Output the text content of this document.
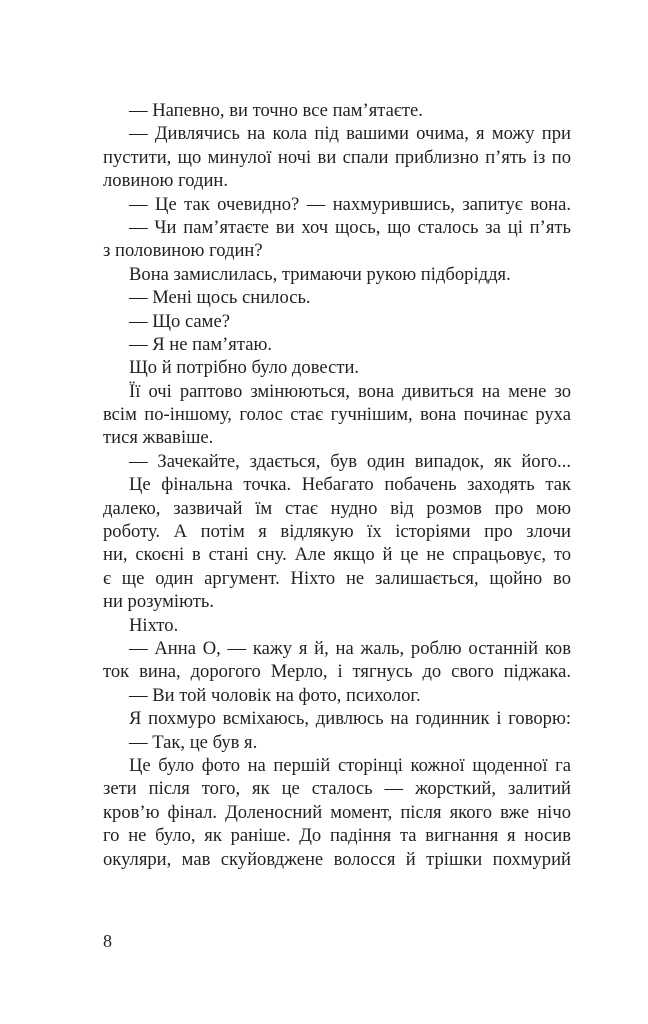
— Напевно, ви точно все пам’ятаєте.
— Дивлячись на кола під вашими очима, я можу при
пустити, що минулої ночі ви спали приблизно п’ять із по
ловиною годин.
— Це так очевидно? — нахмурившись, запитує вона.
— Чи пам’ятаєте ви хоч щось, що сталось за ці п’ять
з половиною годин?
Вона замислилась, тримаючи рукою підборіддя.
— Мені щось снилось.
— Що саме?
— Я не пам’ятаю.
Що й потрібно було довести.
Її очі раптово змінюються, вона дивиться на мене зо
всім по-іншому, голос стає гучнішим, вона починає руха
тися жвавіше.
— Зачекайте, здається, був один випадок, як його...
Це фінальна точка. Небагато побачень заходять так
далеко, зазвичай їм стає нудно від розмов про мою
роботу. А потім я відлякую їх історіями про злочи
ни, скоєні в стані сну. Але якщо й це не спрацьовує, то
є ще один аргумент. Ніхто не залишається, щойно во
ни розуміють.
Ніхто.
— Анна О, — кажу я й, на жаль, роблю останній ков
ток вина, дорогого Мерло, і тягнусь до свого піджака.
— Ви той чоловік на фото, психолог.
Я похмуро всміхаюсь, дивлюсь на годинник і говорю:
— Так, це був я.
Це було фото на першій сторінці кожної щоденної га
зети після того, як це сталось — жорсткий, залитий
кров’ю фінал. Доленосний момент, після якого вже нічо
го не було, як раніше. До падіння та вигнання я носив
окуляри, мав скуйовджене волосся й трішки похмурий
8
